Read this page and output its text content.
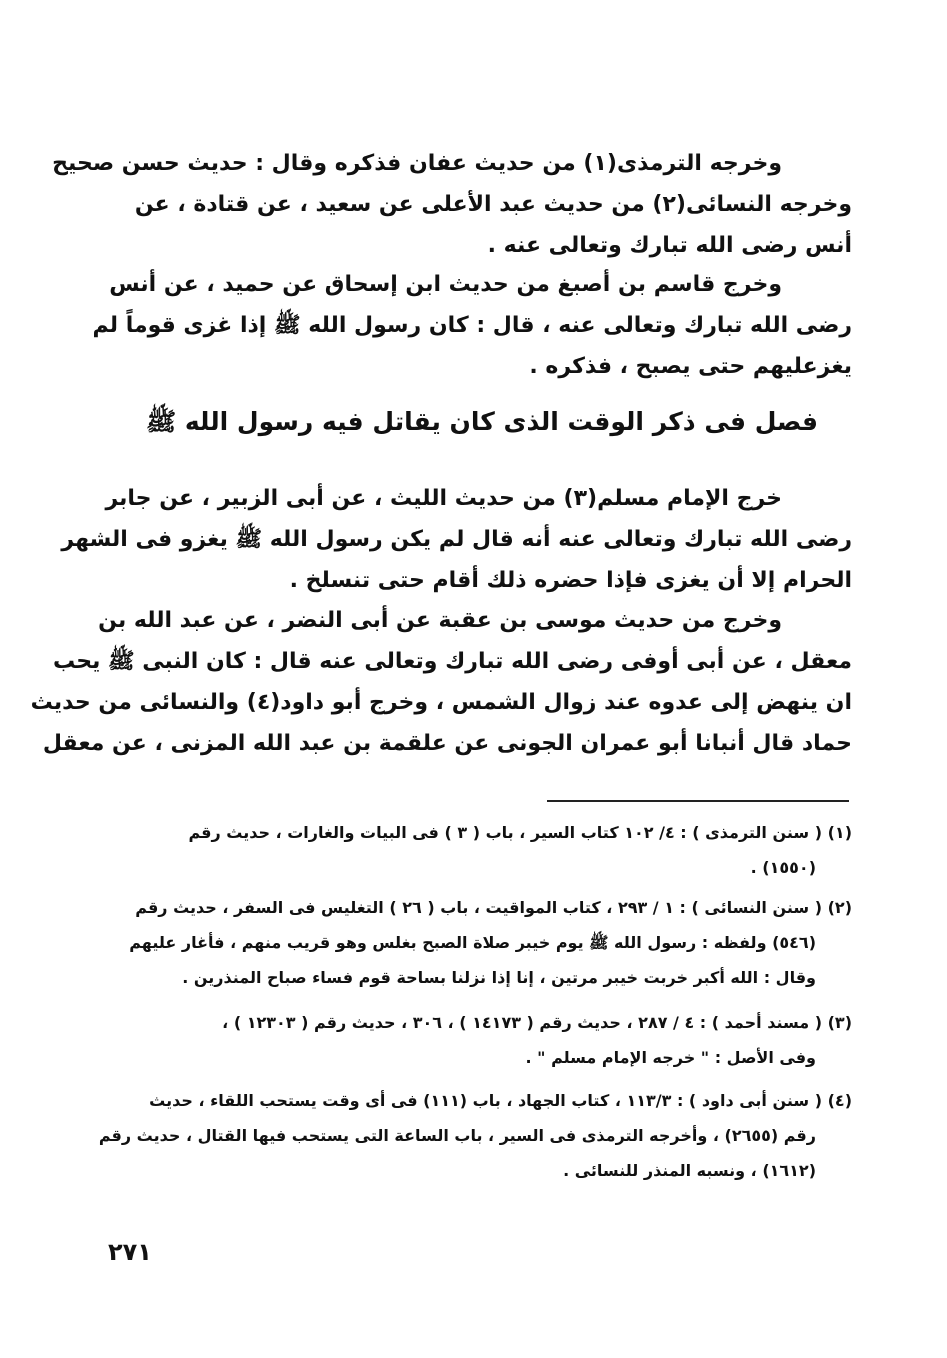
وخرجه الترمذى(١) من حديث عفان فذكره وقال : حديث حسن صحيح
وخرجه النسائى(٢) من حديث عبد الأعلى عن سعيد ، عن قتادة ، عن
أنس رضى الله تبارك وتعالى عنه .
وخرج قاسم بن أصبغ من حديث ابن إسحاق عن حميد ، عن أنس
رضى الله تبارك وتعالى عنه ، قال : كان رسول الله ﷺ إذا غزى قوماً لم
يغزعليهم حتى يصبح ، فذكره .
فصل فى ذكر الوقت الذى كان يقاتل فيه رسول الله ﷺ
خرج الإمام مسلم(٣) من حديث الليث ، عن أبى الزبير ، عن جابر
رضى الله تبارك وتعالى عنه أنه قال لم يكن رسول الله ﷺ يغزو فى الشهر
الحرام إلا أن يغزى فإذا حضره ذلك أقام حتى تنسلخ .
وخرج من حديث موسى بن عقبة عن أبى النضر ، عن عبد الله بن
معقل ، عن أبى أوفى رضى الله تبارك وتعالى عنه قال : كان النبى ﷺ يحب
ان ينهض إلى عدوه عند زوال الشمس ، وخرج أبو داود(٤) والنسائى من حديث
حماد قال أنبانا أبو عمران الجونى عن علقمة بن عبد الله المزنى ، عن معقل
(١) ( سنن الترمذى ) : ٤/ ١٠٢ كتاب السير ، باب ( ٣ ) فى البيات والغارات ، حديث رقم
(١٥٥٠) .
(٢) ( سنن النسائى ) : ١ / ٢٩٣ ، كتاب المواقيت ، باب ( ٢٦ ) التغليس فى السفر ، حديث رقم
(٥٤٦) ولفظه : رسول الله ﷺ يوم خيبر صلاة الصبح بغلس وهو قريب منهم ، فأغار عليهم
وقال : الله أكبر خربت خيبر مرتين ، إنا إذا نزلنا بساحة قوم فساء صباح المنذرين .
(٣) ( مسند أحمد ) : ٤ / ٢٨٧ ، حديث رقم ( ١٤١٧٣ ) ، ٣٠٦ ، حديث رقم ( ١٢٣٠٣ ) ،
وفى الأصل : " خرجه الإمام مسلم " .
(٤) ( سنن أبى داود ) : ١١٣/٣ ، كتاب الجهاد ، باب (١١١) فى أى وقت يستحب اللقاء ، حديث
رقم (٢٦٥٥) ، وأخرجه الترمذى فى السير ، باب الساعة التى يستحب فيها القتال ، حديث رقم
(١٦١٢) ، ونسبه المنذر للنسائى .
٢٧١
